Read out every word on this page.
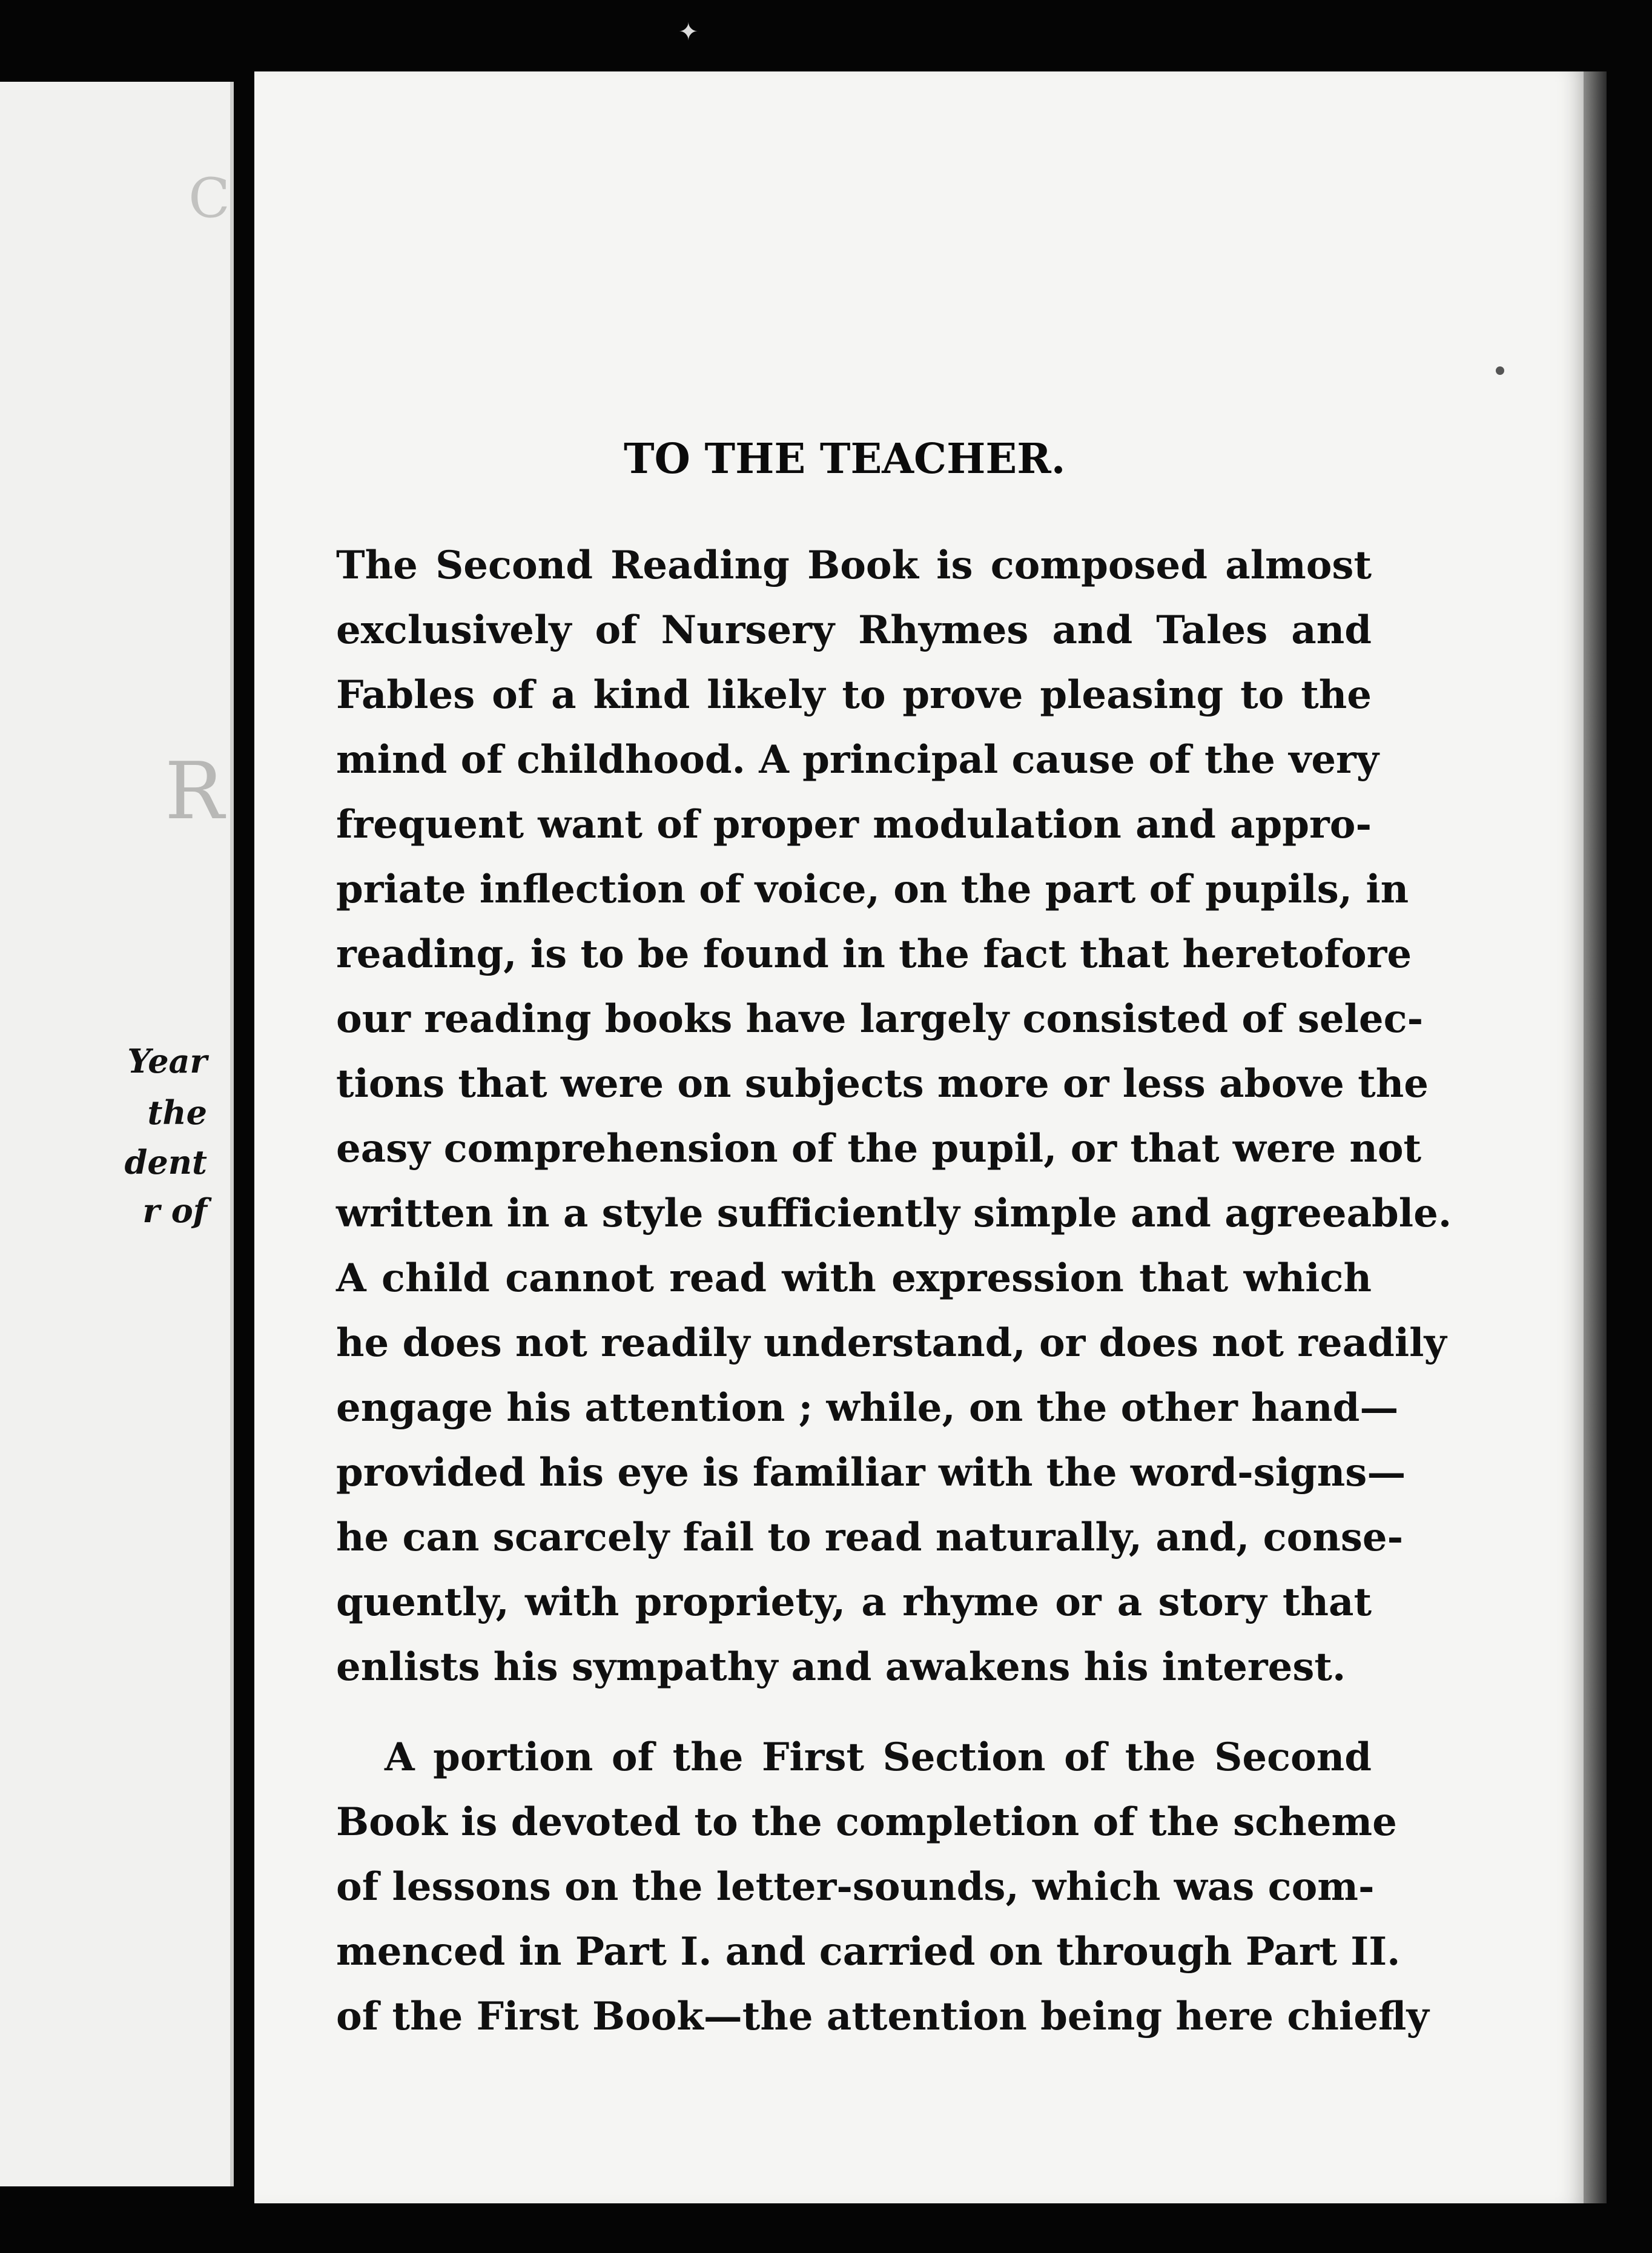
✦
C
R

Year

the

dent

r of

TO THE TEACHER.
The Second Reading Book is composed almost
exclusively of Nursery Rhymes and Tales and
Fables of a kind likely to prove pleasing to the
mind of childhood. A principal cause of the very
frequent want of proper modulation and appro-
priate inflection of voice, on the part of pupils, in
reading, is to be found in the fact that heretofore
our reading books have largely consisted of selec-
tions that were on subjects more or less above the
easy comprehension of the pupil, or that were not
written in a style sufficiently simple and agreeable.
A child cannot read with expression that which
he does not readily understand, or does not readily
engage his attention ; while, on the other hand—
provided his eye is familiar with the word-signs—
he can scarcely fail to read naturally, and, conse-
quently, with propriety, a rhyme or a story that
enlists his sympathy and awakens his interest.
A portion of the First Section of the Second
Book is devoted to the completion of the scheme
of lessons on the letter-sounds, which was com-
menced in Part I. and carried on through Part II.
of the First Book—the attention being here chiefly
